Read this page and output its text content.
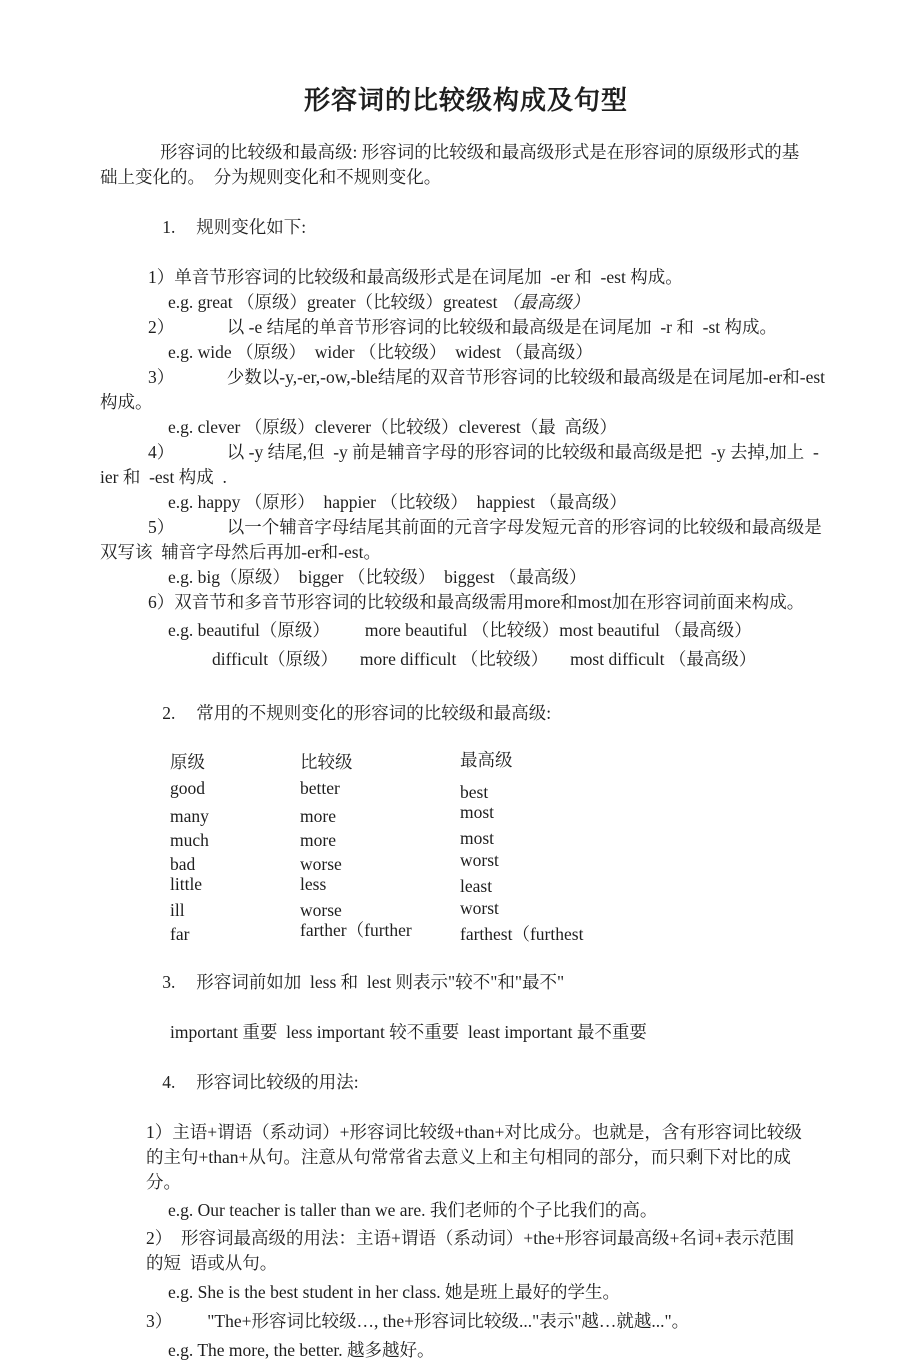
形容词的比较级构成及句型
形容词的比较级和最高级: 形容词的比较级和最高级形式是在形容词的原级形式的基
础上变化的。　分为规则变化和不规则变化。

1. 规则变化如下:

1）单音节形容词的比较级和最高级形式是在词尾加  -er 和  -est 构成。
e.g. great （原级）greater（比较级）greatest （最高级）
2）            以 -e 结尾的单音节形容词的比较级和最高级是在词尾加  -r 和  -st 构成。
e.g. wide （原级）  wider （比较级）  widest （最高级）
3）            少数以-y,-er,-ow,-ble结尾的双音节形容词的比较级和最高级是在词尾加-er和-est
构成。
e.g. clever （原级）cleverer（比较级）cleverest（最  高级）
4）            以 -y 结尾,但  -y 前是辅音字母的形容词的比较级和最高级是把  -y 去掉,加上  -
ier 和  -est 构成  .
e.g. happy （原形）  happier （比较级）  happiest （最高级）
5）            以一个辅音字母结尾其前面的元音字母发短元音的形容词的比较级和最高级是
双写该  辅音字母然后再加-er和-est。
e.g. big（原级）  bigger （比较级）  biggest （最高级）
6）双音节和多音节形容词的比较级和最高级需用more和most加在形容词前面来构成。
e.g. beautiful（原级）        more beautiful （比较级）most beautiful （最高级）
difficult（原级）     more difficult （比较级）     most difficult （最高级）

2. 常用的不规则变化的形容词的比较级和最高级:

原级	比较级	最高级
good	better	best
many	more	most
much	more	most
bad	worse	worst
little	less	least
ill	worse	worst
far	farther（further	farthest（furthest

3. 形容词前如加  less 和  lest 则表示"较不"和"最不"

important 重要  less important 较不重要  least important 最不重要

4. 形容词比较级的用法:

1）主语+谓语（系动词）+形容词比较级+than+对比成分。也就是，含有形容词比较级
的主句+than+从句。注意从句常常省去意义上和主句相同的部分，而只剩下对比的成
分。
e.g. Our teacher is taller than we are. 我们老师的个子比我们的高。
2）  形容词最高级的用法：主语+谓语（系动词）+the+形容词最高级+名词+表示范围
的短  语或从句。
e.g. She is the best student in her class. 她是班上最好的学生。
3）        "The+形容词比较级…, the+形容词比较级..."表示"越…就越..."。
e.g. The more, the better. 越多越好。
